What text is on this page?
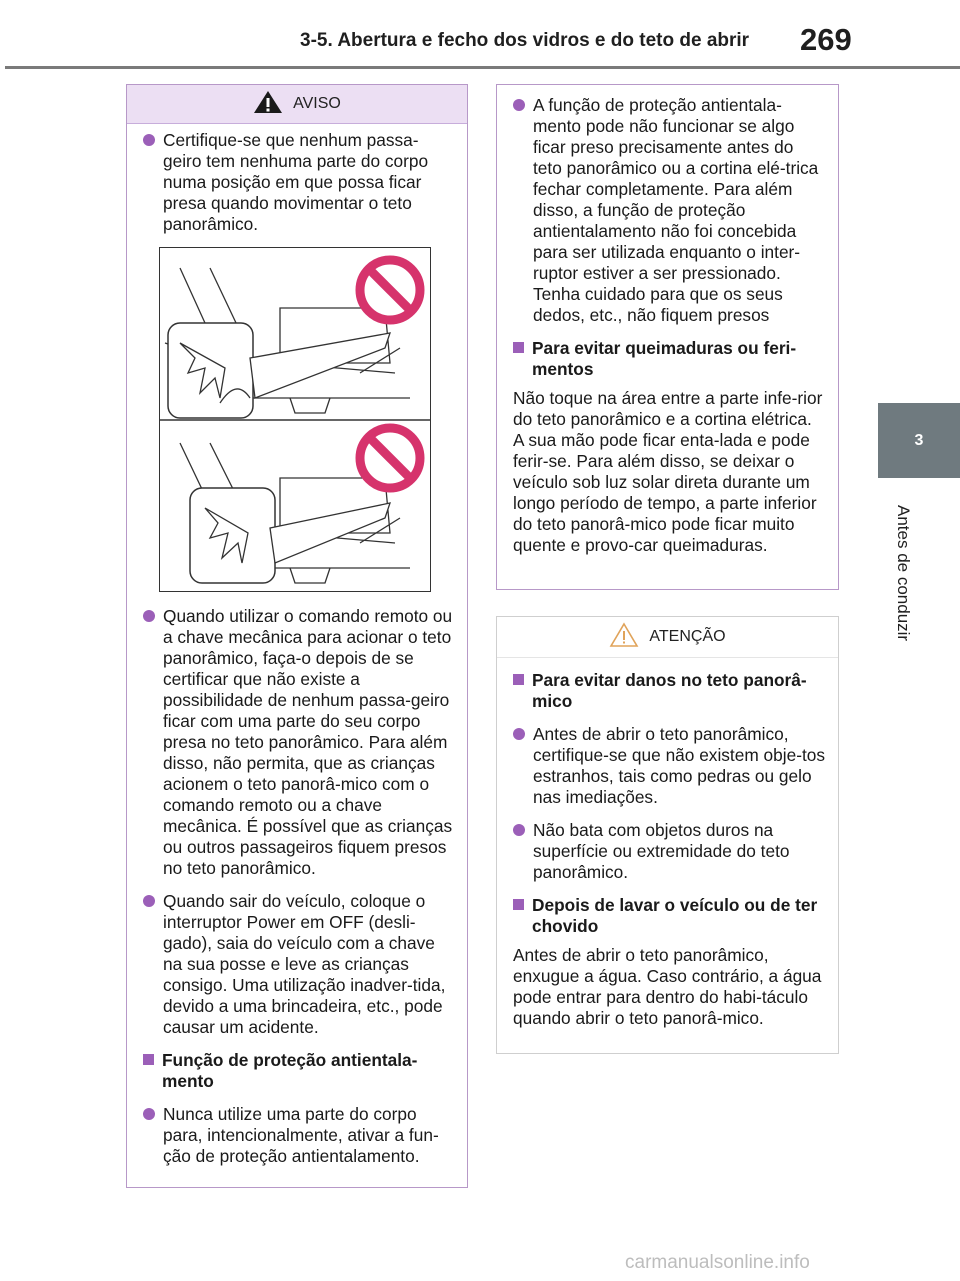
3-5. Abertura e fecho dos vidros e do teto de abrir 269
3
Antes de conduzir
AVISO
Certifique-se que nenhum passa-geiro tem nenhuma parte do corpo numa posição em que possa ficar presa quando movimentar o teto panorâmico.
Quando utilizar o comando remoto ou a chave mecânica para acionar o teto panorâmico, faça-o depois de se certificar que não existe a possibilidade de nenhum passa-geiro ficar com uma parte do seu corpo presa no teto panorâmico. Para além disso, não permita, que as crianças acionem o teto panorâ-mico com o comando remoto ou a chave mecânica. É possível que as crianças ou outros passageiros fiquem presos no teto panorâmico.
Quando sair do veículo, coloque o interruptor Power em OFF (desli-gado), saia do veículo com a chave na sua posse e leve as crianças consigo. Uma utilização inadver-tida, devido a uma brincadeira, etc., pode causar um acidente.
Função de proteção antientala-mento
Nunca utilize uma parte do corpo para, intencionalmente, ativar a fun-ção de proteção antientalamento.
A função de proteção antientala-mento pode não funcionar se algo ficar preso precisamente antes do teto panorâmico ou a cortina elé-trica fechar completamente. Para além disso, a função de proteção antientalamento não foi concebida para ser utilizada enquanto o inter-ruptor estiver a ser pressionado. Tenha cuidado para que os seus dedos, etc., não fiquem presos
Para evitar queimaduras ou feri-mentos
Não toque na área entre a parte infe-rior do teto panorâmico e a cortina elétrica. A sua mão pode ficar enta-lada e pode ferir-se. Para além disso, se deixar o veículo sob luz solar direta durante um longo período de tempo, a parte inferior do teto panorâ-mico pode ficar muito quente e provo-car queimaduras.
ATENÇÃO
Para evitar danos no teto panorâ-mico
Antes de abrir o teto panorâmico, certifique-se que não existem obje-tos estranhos, tais como pedras ou gelo nas imediações.
Não bata com objetos duros na superfície ou extremidade do teto panorâmico.
Depois de lavar o veículo ou de ter chovido
Antes de abrir o teto panorâmico, enxugue a água. Caso contrário, a água pode entrar para dentro do habi-táculo quando abrir o teto panorâ-mico.
carmanualsonline.info
